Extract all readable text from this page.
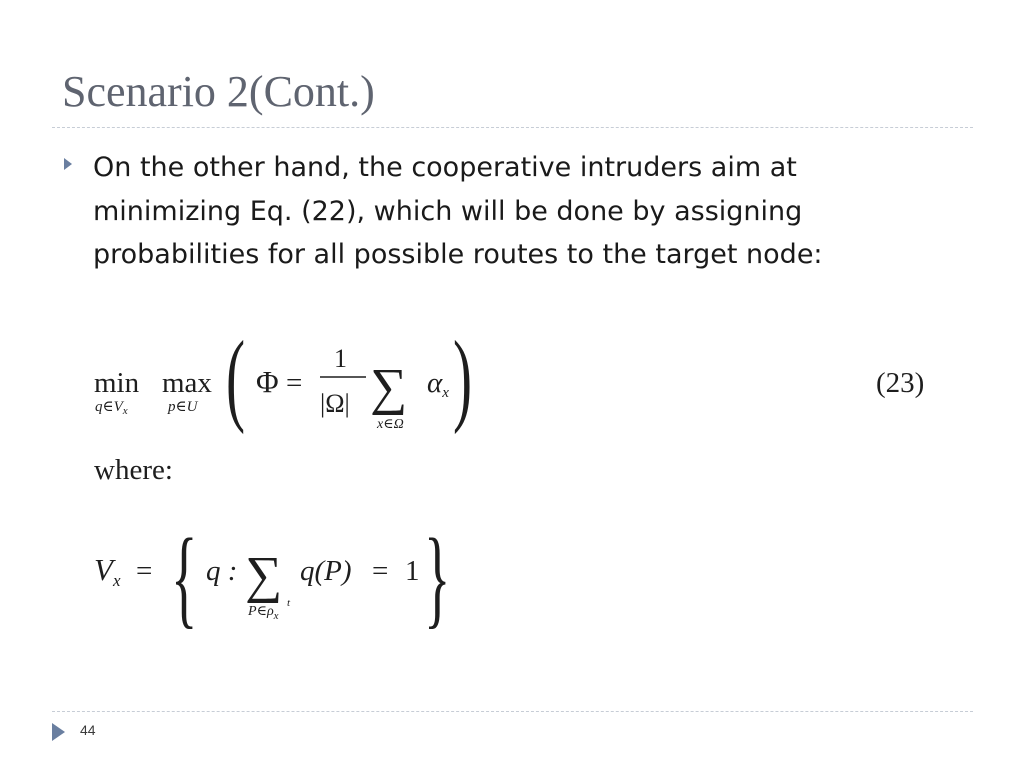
Scenario 2(Cont.)

On the other hand, the cooperative intruders aim at
minimizing Eq. (22), which will be done by assigning
probabilities for all possible routes to the target node:

min
$q\in V_x$
max
p∈U ( Φ =
1
|Ω| ∑
x∈Ω
αx )	(23)
where:
Vx = { q : ∑
$P\in\rho_x$
t
q(P) = 1 }
44
